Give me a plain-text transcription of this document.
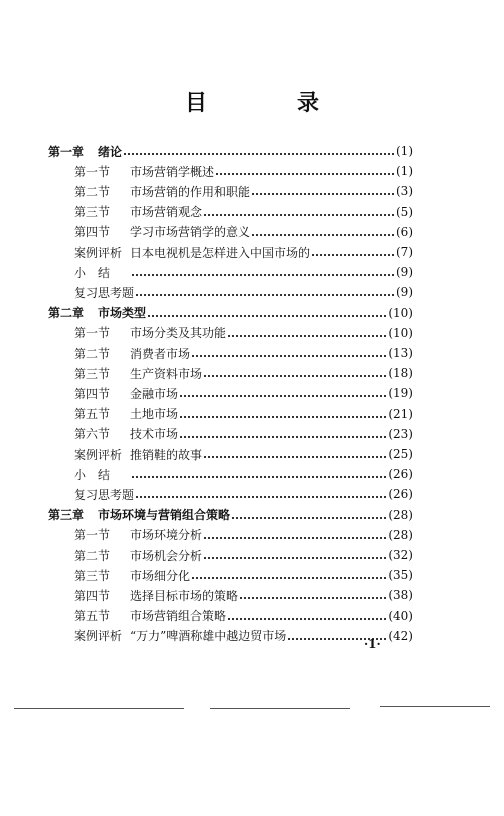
目　录
第一章 绪论	(1)
第一节 市场营销学概述	(1)
第二节 市场营销的作用和职能	(3)
第三节 市场营销观念	(5)
第四节 学习市场营销学的意义	(6)
案例评析 日本电视机是怎样进入中国市场的	(7)
小　结	(9)
复习思考题	(9)
第二章 市场类型	(10)
第一节 市场分类及其功能	(10)
第二节 消费者市场	(13)
第三节 生产资料市场	(18)
第四节 金融市场	(19)
第五节 土地市场	(21)
第六节 技术市场	(23)
案例评析 推销鞋的故事	(25)
小　结	(26)
复习思考题	(26)
第三章 市场环境与营销组合策略	(28)
第一节 市场环境分析	(28)
第二节 市场机会分析	(32)
第三节 市场细分化	(35)
第四节 选择目标市场的策略	(38)
第五节 市场营销组合策略	(40)
案例评析 “万力”啤酒称雄中越边贸市场	(42)
·1·
